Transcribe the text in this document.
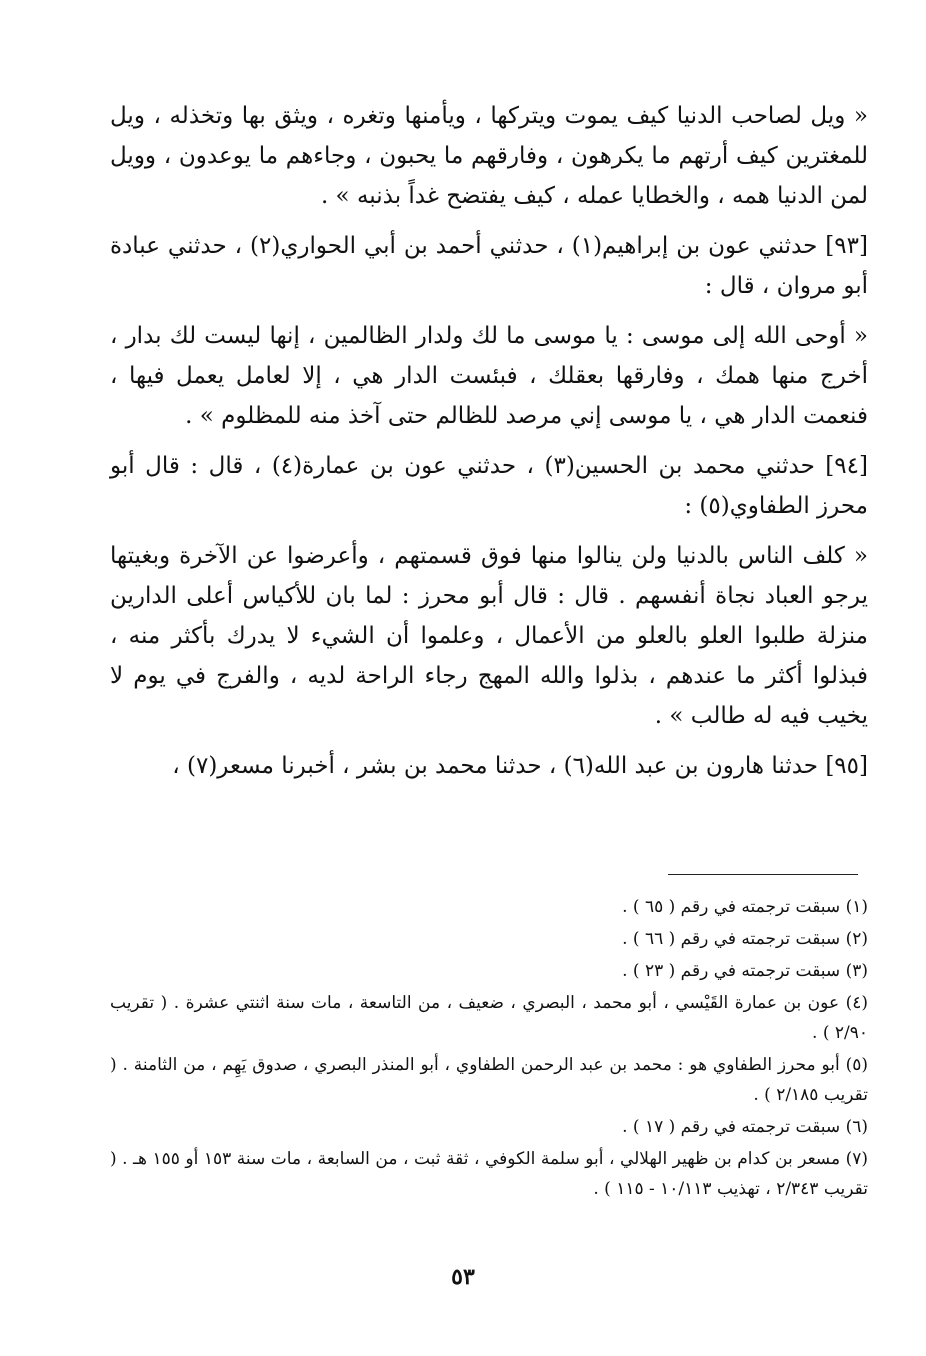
« ويل لصاحب الدنيا كيف يموت ويتركها ، ويأمنها وتغره ، ويثق بها وتخذله ، ويل للمغترين كيف أرتهم ما يكرهون ، وفارقهم ما يحبون ، وجاءهم ما يوعدون ، وويل لمن الدنيا همه ، والخطايا عمله ، كيف يفتضح غداً بذنبه » .

[٩٣] حدثني عون بن إبراهيم(١) ، حدثني أحمد بن أبي الحواري(٢) ، حدثني عبادة أبو مروان ، قال :

« أوحى الله إلى موسى : يا موسى ما لك ولدار الظالمين ، إنها ليست لك بدار ، أخرج منها همك ، وفارقها بعقلك ، فبئست الدار هي ، إلا لعامل يعمل فيها ، فنعمت الدار هي ، يا موسى إني مرصد للظالم حتى آخذ منه للمظلوم » .

[٩٤] حدثني محمد بن الحسين(٣) ، حدثني عون بن عمارة(٤) ، قال : قال أبو محرز الطفاوي(٥) :

« كلف الناس بالدنيا ولن ينالوا منها فوق قسمتهم ، وأعرضوا عن الآخرة وبغيتها يرجو العباد نجاة أنفسهم . قال : قال أبو محرز : لما بان للأكياس أعلى الدارين منزلة طلبوا العلو بالعلو من الأعمال ، وعلموا أن الشيء لا يدرك بأكثر منه ، فبذلوا أكثر ما عندهم ، بذلوا والله المهج رجاء الراحة لديه ، والفرج في يوم لا يخيب فيه له طالب » .

[٩٥] حدثنا هارون بن عبد الله(٦) ، حدثنا محمد بن بشر ، أخبرنا مسعر(٧) ،

(١) سبقت ترجمته في رقم ( ٦٥ ) .

(٢) سبقت ترجمته في رقم ( ٦٦ ) .

(٣) سبقت ترجمته في رقم ( ٢٣ ) .

(٤) عون بن عمارة القَيْسي ، أبو محمد ، البصري ، ضعيف ، من التاسعة ، مات سنة اثنتي عشرة . ( تقريب ٢/٩٠ ) .

(٥) أبو محرز الطفاوي هو : محمد بن عبد الرحمن الطفاوي ، أبو المنذر البصري ، صدوق يَهِم ، من الثامنة . ( تقريب ٢/١٨٥ ) .

(٦) سبقت ترجمته في رقم ( ١٧ ) .

(٧) مسعر بن كدام بن ظهير الهلالي ، أبو سلمة الكوفي ، ثقة ثبت ، من السابعة ، مات سنة ١٥٣ أو ١٥٥ هـ . ( تقريب ٢/٣٤٣ ، تهذيب ١٠/١١٣ - ١١٥ ) .

٥٣
